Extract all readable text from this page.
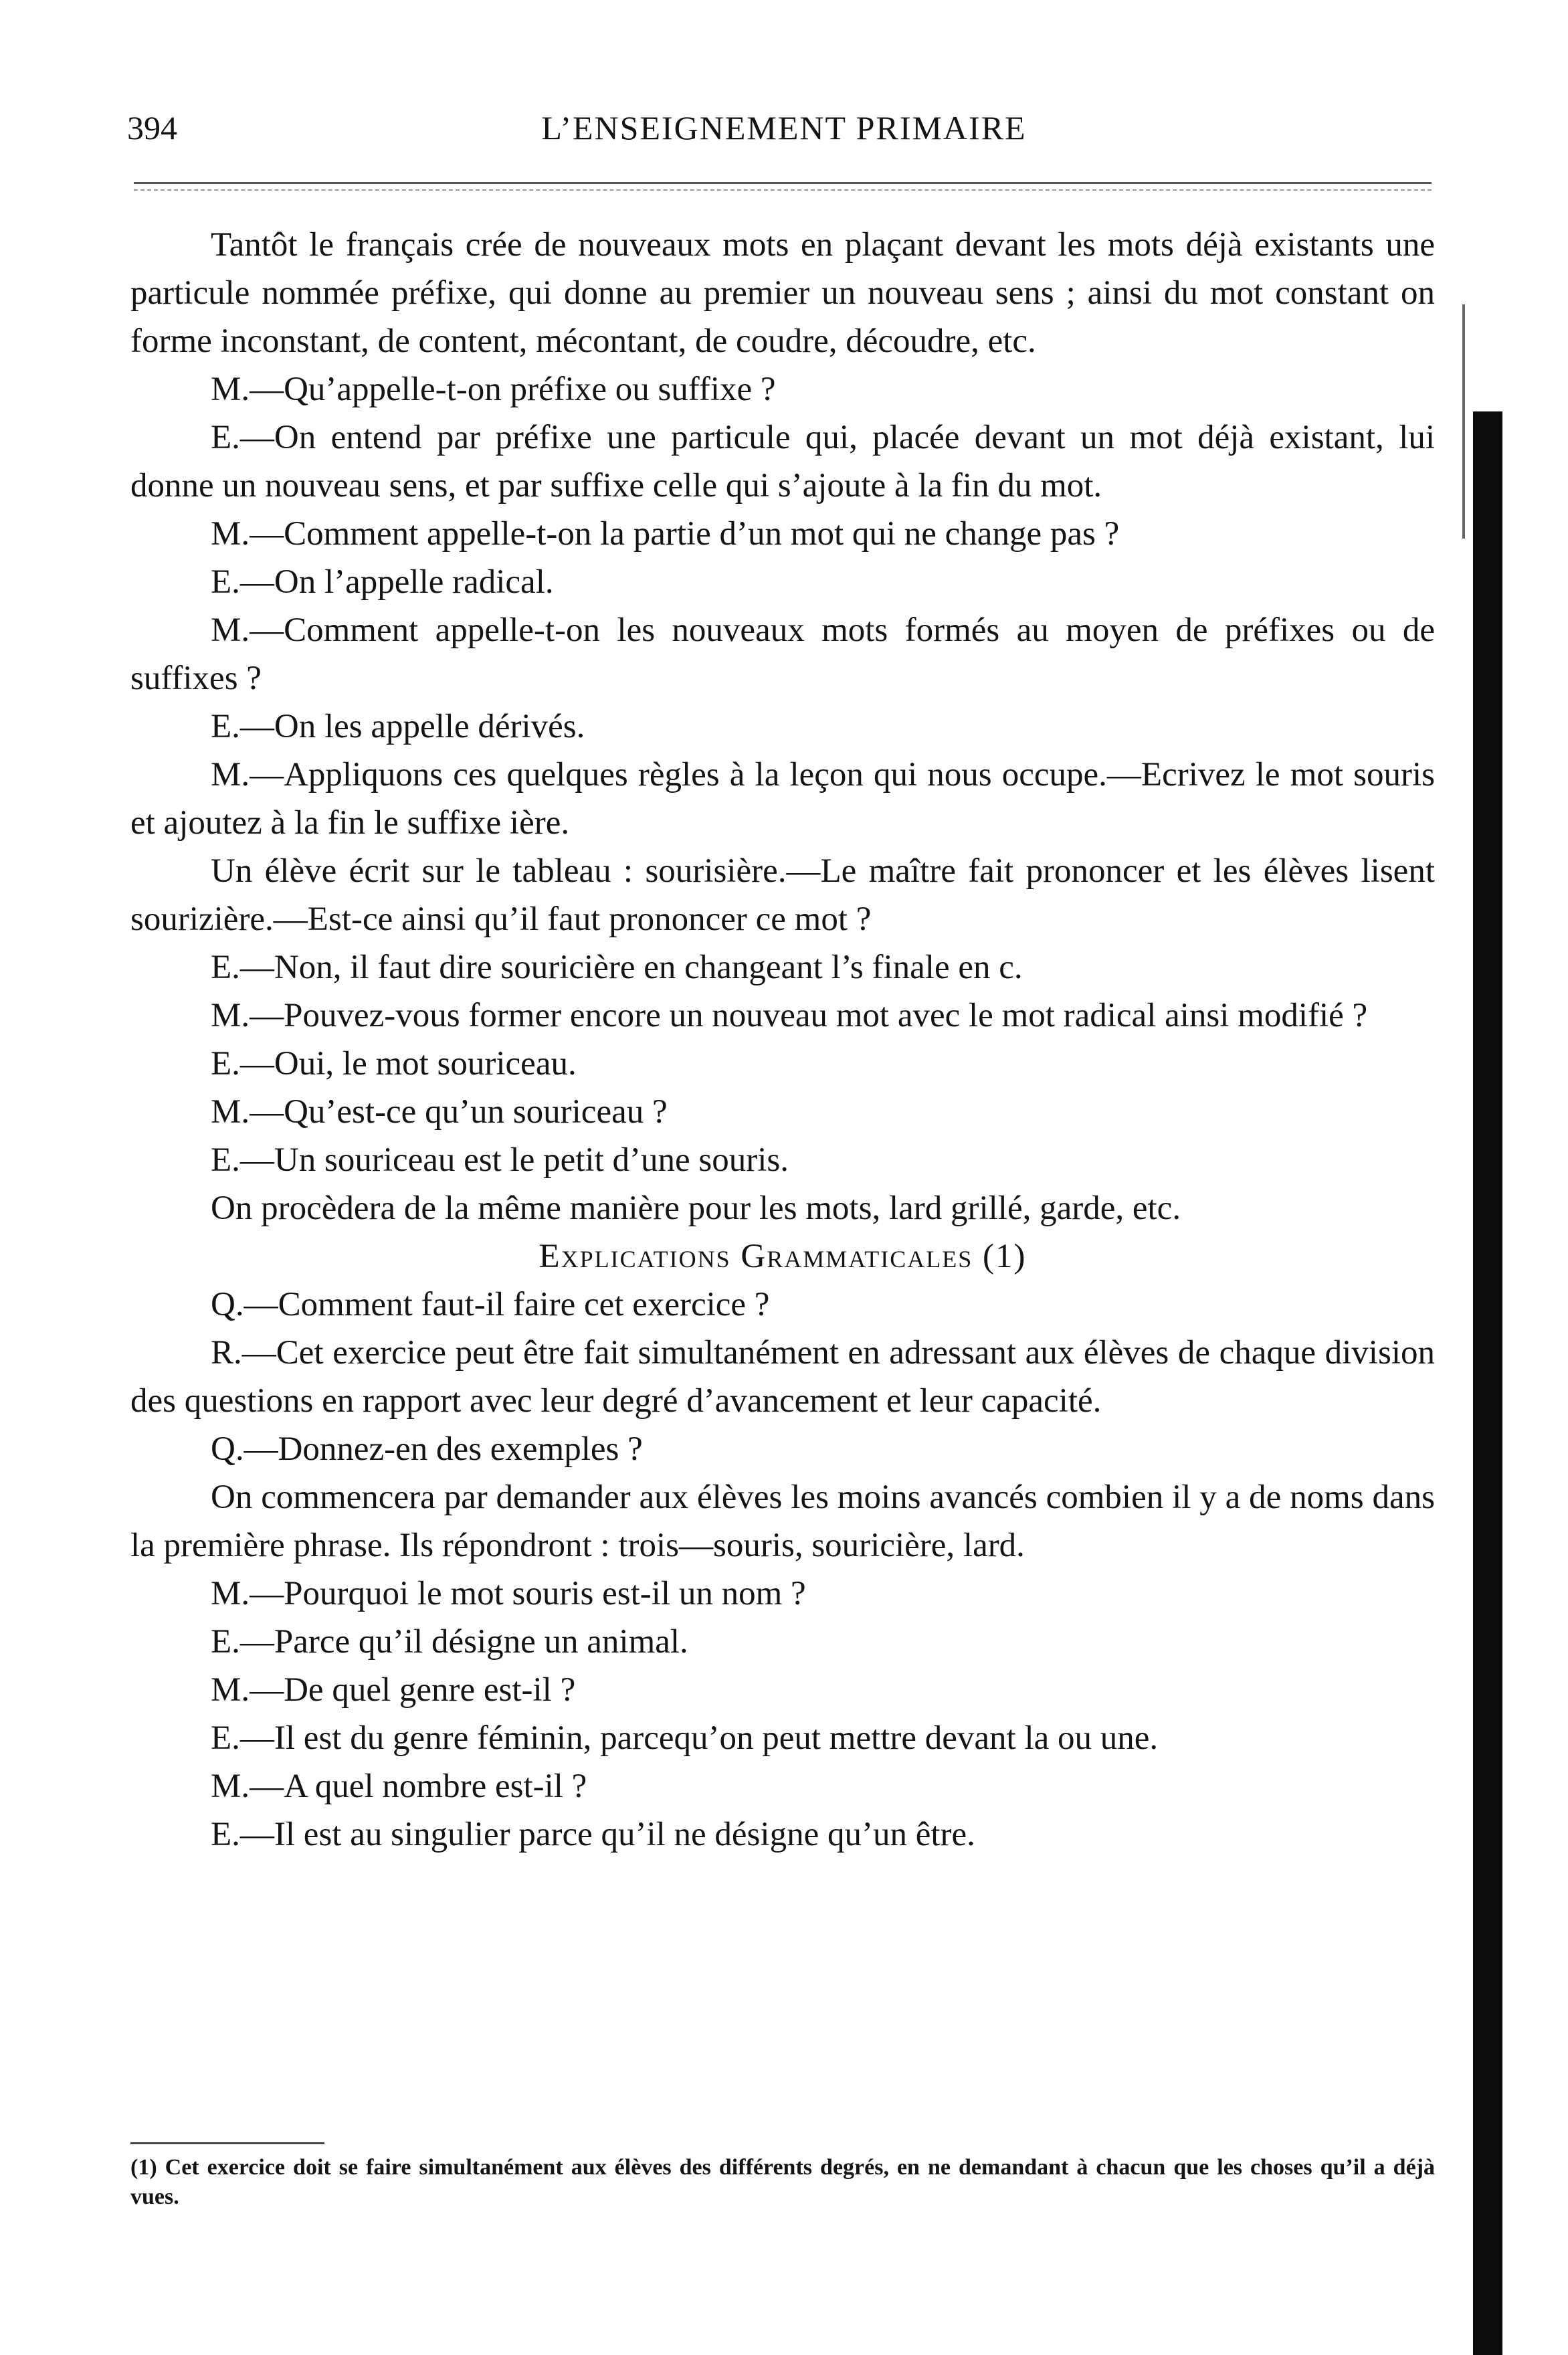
394	L’ENSEIGNEMENT PRIMAIRE

Tantôt le français crée de nouveaux mots en plaçant devant les mots déjà existants une particule nommée préfixe, qui donne au premier un nouveau sens ; ainsi du mot constant on forme inconstant, de content, mécontant, de coudre, découdre, etc.

M.—Qu’appelle-t-on préfixe ou suffixe ?

E.—On entend par préfixe une particule qui, placée devant un mot déjà existant, lui donne un nouveau sens, et par suffixe celle qui s’ajoute à la fin du mot.

M.—Comment appelle-t-on la partie d’un mot qui ne change pas ?

E.—On l’appelle radical.

M.—Comment appelle-t-on les nouveaux mots formés au moyen de préfixes ou de suffixes ?

E.—On les appelle dérivés.

M.—Appliquons ces quelques règles à la leçon qui nous occupe.—Ecrivez le mot souris et ajoutez à la fin le suffixe ière.

Un élève écrit sur le tableau : sourisière.—Le maître fait prononcer et les élèves lisent sourizière.—Est-ce ainsi qu’il faut prononcer ce mot ?

E.—Non, il faut dire souricière en changeant l’s finale en c.

M.—Pouvez-vous former encore un nouveau mot avec le mot radical ainsi modifié ?

E.—Oui, le mot souriceau.

M.—Qu’est-ce qu’un souriceau ?

E.—Un souriceau est le petit d’une souris.

On procèdera de la même manière pour les mots, lard grillé, garde, etc.

Explications Grammaticales (1)

Q.—Comment faut-il faire cet exercice ?

R.—Cet exercice peut être fait simultanément en adressant aux élèves de chaque division des questions en rapport avec leur degré d’avancement et leur capacité.

Q.—Donnez-en des exemples ?

On commencera par demander aux élèves les moins avancés combien il y a de noms dans la première phrase. Ils répondront : trois—souris, souricière, lard.

M.—Pourquoi le mot souris est-il un nom ?

E.—Parce qu’il désigne un animal.

M.—De quel genre est-il ?

E.—Il est du genre féminin, parcequ’on peut mettre devant la ou une.

M.—A quel nombre est-il ?

E.—Il est au singulier parce qu’il ne désigne qu’un être.

(1) Cet exercice doit se faire simultanément aux élèves des différents degrés, en ne demandant à chacun que les choses qu’il a déjà vues.
